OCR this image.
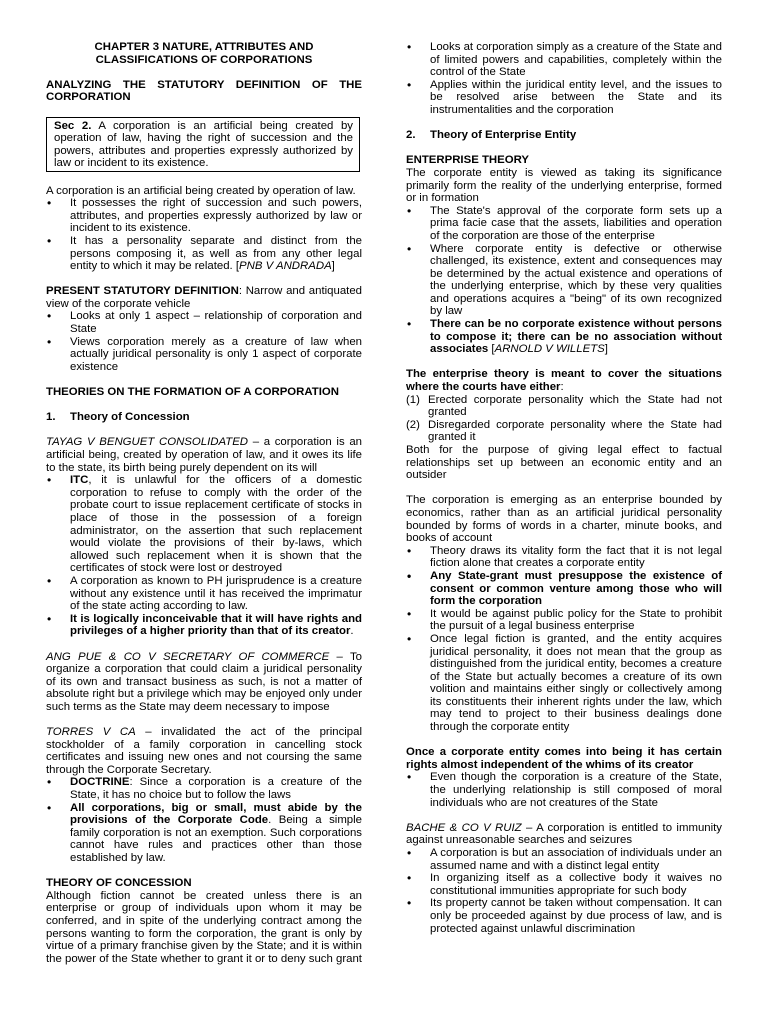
CHAPTER 3 NATURE, ATTRIBUTES AND

CLASSIFICATIONS OF CORPORATIONS

ANALYZING THE STATUTORY DEFINITION OF THE CORPORATION

Sec 2. A corporation is an artificial being created by operation of law, having the right of succession and the powers, attributes and properties expressly authorized by law or incident to its existence.

A corporation is an artificial being created by operation of law.

• It possesses the right of succession and such powers, attributes, and properties expressly authorized by law or incident to its existence.
• It has a personality separate and distinct from the persons composing it, as well as from any other legal entity to which it may be related. [PNB V ANDRADA]

PRESENT STATUTORY DEFINITION: Narrow and antiquated view of the corporate vehicle

• Looks at only 1 aspect – relationship of corporation and State
• Views corporation merely as a creature of law when actually juridical personality is only 1 aspect of corporate existence

THEORIES ON THE FORMATION OF A CORPORATION

1. Theory of Concession

TAYAG V BENGUET CONSOLIDATED – a corporation is an artificial being, created by operation of law, and it owes its life to the state, its birth being purely dependent on its will

• ITC, it is unlawful for the officers of a domestic corporation to refuse to comply with the order of the probate court to issue replacement certificate of stocks in place of those in the possession of a foreign administrator, on the assertion that such replacement would violate the provisions of their by-laws, which allowed such replacement when it is shown that the certificates of stock were lost or destroyed
• A corporation as known to PH jurisprudence is a creature without any existence until it has received the imprimatur of the state acting according to law.
• It is logically inconceivable that it will have rights and privileges of a higher priority than that of its creator.

ANG PUE & CO V SECRETARY OF COMMERCE – To organize a corporation that could claim a juridical personality of its own and transact business as such, is not a matter of absolute right but a privilege which may be enjoyed only under such terms as the State may deem necessary to impose

TORRES V CA – invalidated the act of the principal stockholder of a family corporation in cancelling stock certificates and issuing new ones and not coursing the same through the Corporate Secretary.

• DOCTRINE: Since a corporation is a creature of the State, it has no choice but to follow the laws
• All corporations, big or small, must abide by the provisions of the Corporate Code. Being a simple family corporation is not an exemption. Such corporations cannot have rules and practices other than those established by law.

THEORY OF CONCESSION

Although fiction cannot be created unless there is an enterprise or group of individuals upon whom it may be conferred, and in spite of the underlying contract among the persons wanting to form the corporation, the grant is only by virtue of a primary franchise given by the State; and it is within the power of the State whether to grant it or to deny such grant

• Looks at corporation simply as a creature of the State and of limited powers and capabilities, completely within the control of the State
• Applies within the juridical entity level, and the issues to be resolved arise between the State and its instrumentalities and the corporation

2. Theory of Enterprise Entity

ENTERPRISE THEORY

The corporate entity is viewed as taking its significance primarily form the reality of the underlying enterprise, formed or in formation

• The State's approval of the corporate form sets up a prima facie case that the assets, liabilities and operation of the corporation are those of the enterprise
• Where corporate entity is defective or otherwise challenged, its existence, extent and consequences may be determined by the actual existence and operations of the underlying enterprise, which by these very qualities and operations acquires a "being" of its own recognized by law
• There can be no corporate existence without persons to compose it; there can be no association without associates [ARNOLD V WILLETS]

The enterprise theory is meant to cover the situations where the courts have either:

(1) Erected corporate personality which the State had not granted

(2) Disregarded corporate personality where the State had granted it

Both for the purpose of giving legal effect to factual relationships set up between an economic entity and an outsider

The corporation is emerging as an enterprise bounded by economics, rather than as an artificial juridical personality bounded by forms of words in a charter, minute books, and books of account

• Theory draws its vitality form the fact that it is not legal fiction alone that creates a corporate entity
• Any State-grant must presuppose the existence of consent or common venture among those who will form the corporation
• It would be against public policy for the State to prohibit the pursuit of a legal business enterprise
• Once legal fiction is granted, and the entity acquires juridical personality, it does not mean that the group as distinguished from the juridical entity, becomes a creature of the State but actually becomes a creature of its own volition and maintains either singly or collectively among its constituents their inherent rights under the law, which may tend to project to their business dealings done through the corporate entity

Once a corporate entity comes into being it has certain rights almost independent of the whims of its creator

• Even though the corporation is a creature of the State, the underlying relationship is still composed of moral individuals who are not creatures of the State

BACHE & CO V RUIZ – A corporation is entitled to immunity against unreasonable searches and seizures

• A corporation is but an association of individuals under an assumed name and with a distinct legal entity
• In organizing itself as a collective body it waives no constitutional immunities appropriate for such body
• Its property cannot be taken without compensation. It can only be proceeded against by due process of law, and is protected against unlawful discrimination
